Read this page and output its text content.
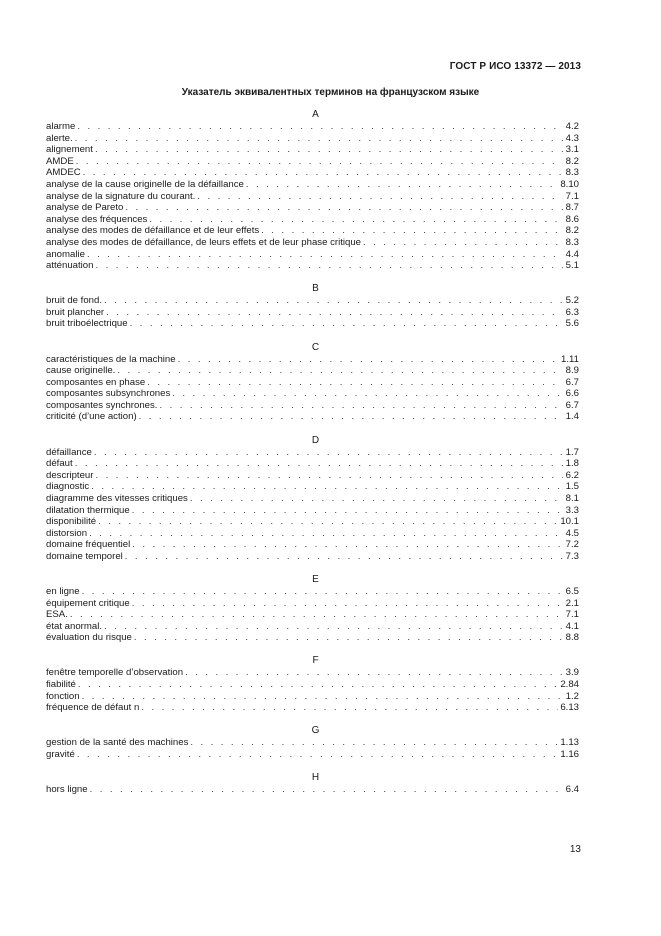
ГОСТ Р ИСО 13372 — 2013
Указатель эквивалентных терминов на французском языке
A
alarme . . .	4.2
alerte. . . .	4.3
alignement . . .	3.1
AMDE . . .	8.2
AMDEC . . .	8.3
analyse de la cause originelle de la défaillance . . .	8.10
analyse de la signature du courant. . . .	7.1
analyse de Pareto . . .	8.7
analyse des fréquences . . .	8.6
analyse des modes de défaillance et de leur effets . . .	8.2
analyse des modes de défaillance, de leurs effets et de leur phase critique . . .	8.3
anomalie . . .	4.4
atténuation . . .	5.1
B
bruit de fond. . . .	5.2
bruit plancher . . .	6.3
bruit triboélectrique . . .	5.6
C
caractéristiques de la machine . . .	1.11
cause originelle. . . .	8.9
composantes en phase . . .	6.7
composantes subsynchrones . . .	6.6
composantes synchrones. . . .	6.7
criticité (d’une action) . . .	1.4
D
défaillance . . .	1.7
défaut . . .	1.8
descripteur . . .	6.2
diagnostic . . .	1.5
diagramme des vitesses critiques . . .	8.1
dilatation thermique . . .	3.3
disponibilité . . .	10.1
distorsion . . .	4.5
domaine fréquentiel . . .	7.2
domaine temporel . . .	7.3
E
en ligne . . .	6.5
équipement critique . . .	2.1
ESA. . . .	7.1
état anormal. . . .	4.1
évaluation du risque . . .	8.8
F
fenêtre temporelle d’observation . . .	3.9
fiabilité . . .	2.84
fonction . . .	1.2
fréquence de défaut n . . .	6.13
G
gestion de la santé des machines . . .	1.13
gravité . . .	1.16
H
hors ligne . . .	6.4
13
